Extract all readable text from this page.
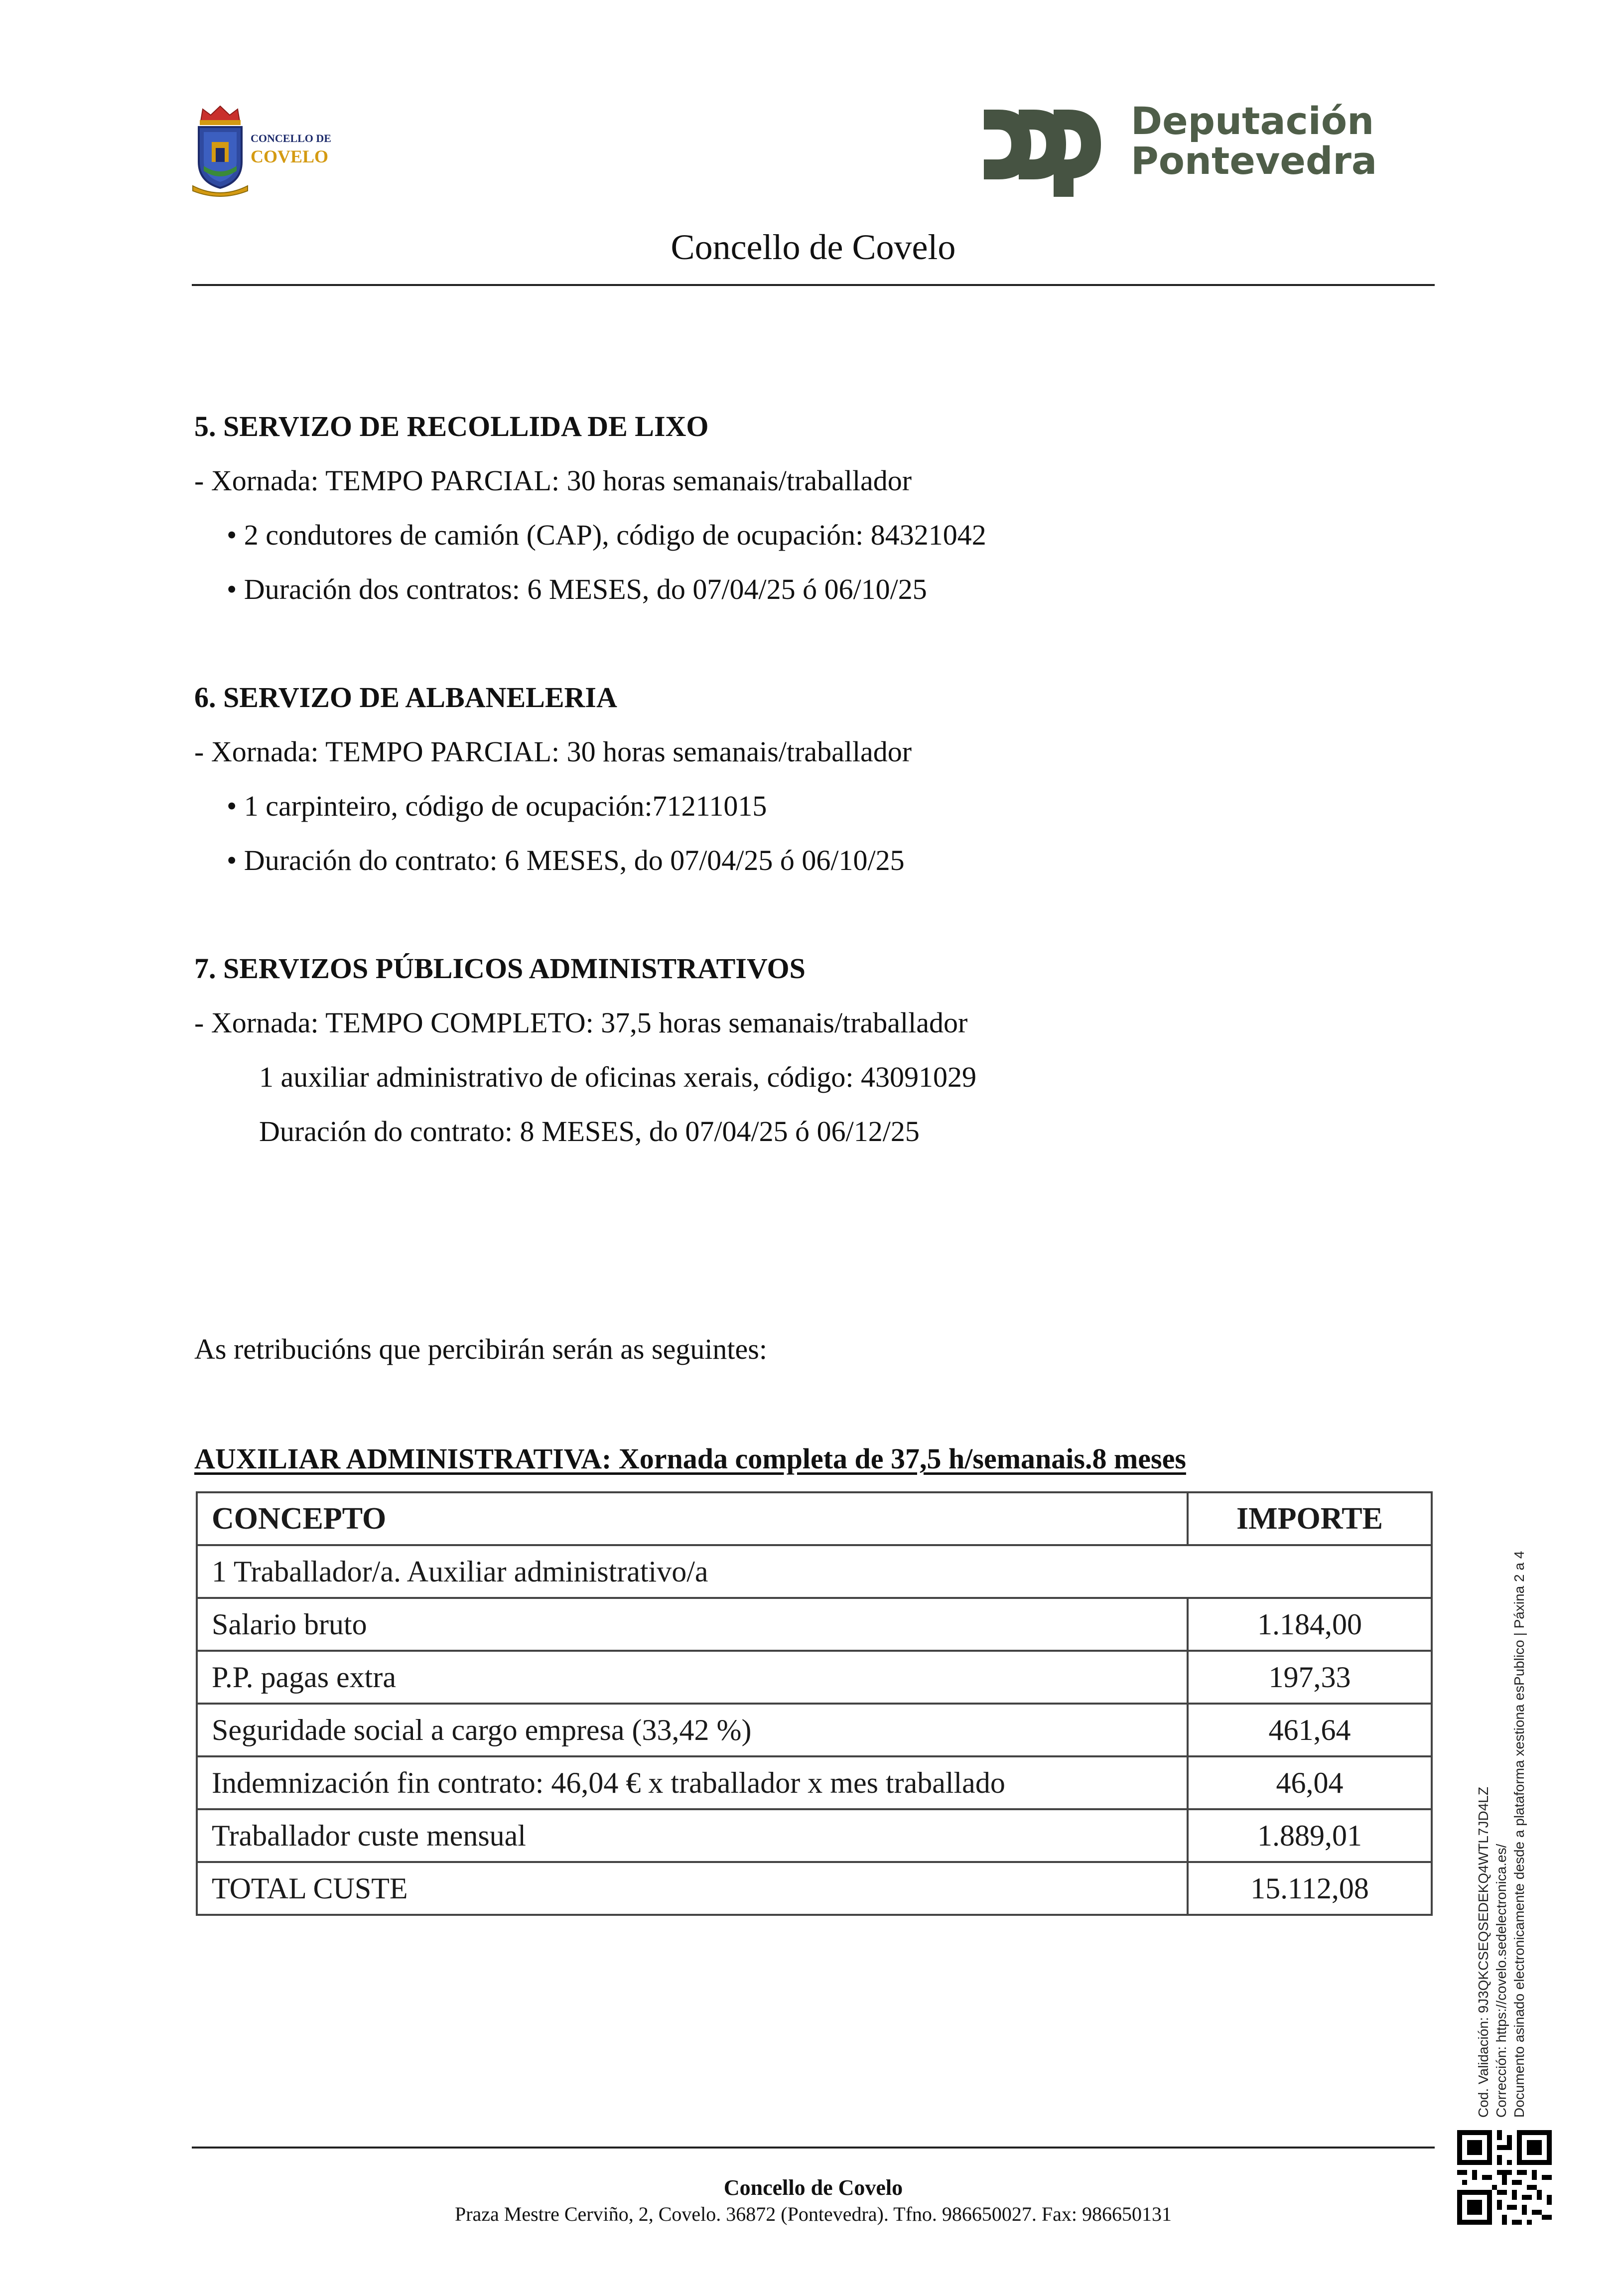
CONCELLO DE
COVELO
Deputación
Pontevedra
Concello de Covelo
5. SERVIZO DE RECOLLIDA DE LIXO
- Xornada: TEMPO PARCIAL: 30 horas semanais/traballador
• 2 condutores de camión (CAP), código de ocupación: 84321042
• Duración dos contratos: 6 MESES, do 07/04/25 ó 06/10/25
6. SERVIZO DE ALBANELERIA
- Xornada: TEMPO PARCIAL: 30 horas semanais/traballador
• 1 carpinteiro, código de ocupación:71211015
• Duración do contrato: 6 MESES, do 07/04/25 ó 06/10/25
7. SERVIZOS PÚBLICOS ADMINISTRATIVOS
- Xornada: TEMPO COMPLETO: 37,5 horas semanais/traballador
1 auxiliar administrativo de oficinas xerais, código: 43091029
Duración do contrato: 8 MESES, do 07/04/25 ó 06/12/25
As retribucións que percibirán serán as seguintes:
AUXILIAR ADMINISTRATIVA: Xornada completa de 37,5 h/semanais.8 meses
CONCEPTO	IMPORTE
1 Traballador/a. Auxiliar administrativo/a	
Salario bruto	1.184,00
P.P. pagas extra	197,33
Seguridade social a cargo empresa (33,42 %)	461,64
Indemnización fin contrato: 46,04 € x traballador x mes traballado	46,04
Traballador custe mensual	1.889,01
TOTAL CUSTE	15.112,08	Cod. Validación: 9J3QKCSEQSEDEKQ4WTL7JD4LZ Corrección: https://covelo.sedelectronica.es/ Documento asinado electronicamente desde a plataforma xestiona esPublico | Páxina 2 a 4
Concello de Covelo
Praza Mestre Cerviño, 2, Covelo. 36872 (Pontevedra). Tfno. 986650027. Fax: 986650131
